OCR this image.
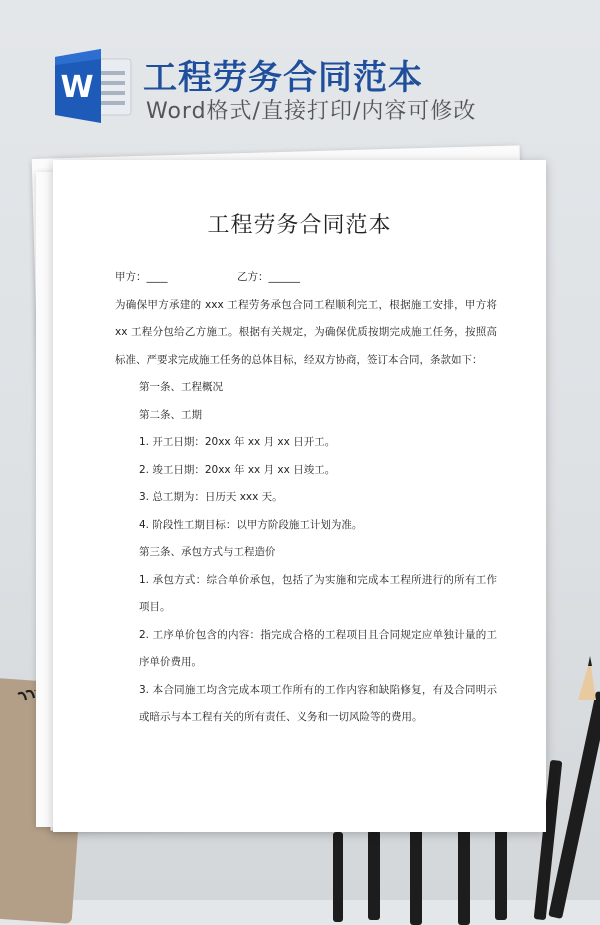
W 工程劳务合同范本
Word格式/直接打印/内容可修改
工程劳务合同范本

甲方：____	乙方：______

为确保甲方承建的 xxx 工程劳务承包合同工程顺利完工，根据施工安排，甲方将 xx 工程分包给乙方施工。根据有关规定，为确保优质按期完成施工任务，按照高标准、严要求完成施工任务的总体目标，经双方协商，签订本合同，条款如下：

第一条、工程概况

第二条、工期

1. 开工日期：20xx 年 xx 月 xx 日开工。

2. 竣工日期：20xx 年 xx 月 xx 日竣工。

3. 总工期为：日历天 xxx 天。

4. 阶段性工期目标：以甲方阶段施工计划为准。

第三条、承包方式与工程造价

1. 承包方式：综合单价承包，包括了为实施和完成本工程所进行的所有工作项目。

2. 工序单价包含的内容：指完成合格的工程项目且合同规定应单独计量的工序单价费用。

3. 本合同施工均含完成本项工作所有的工作内容和缺陷修复，有及合同明示或暗示与本工程有关的所有责任、义务和一切风险等的费用。
